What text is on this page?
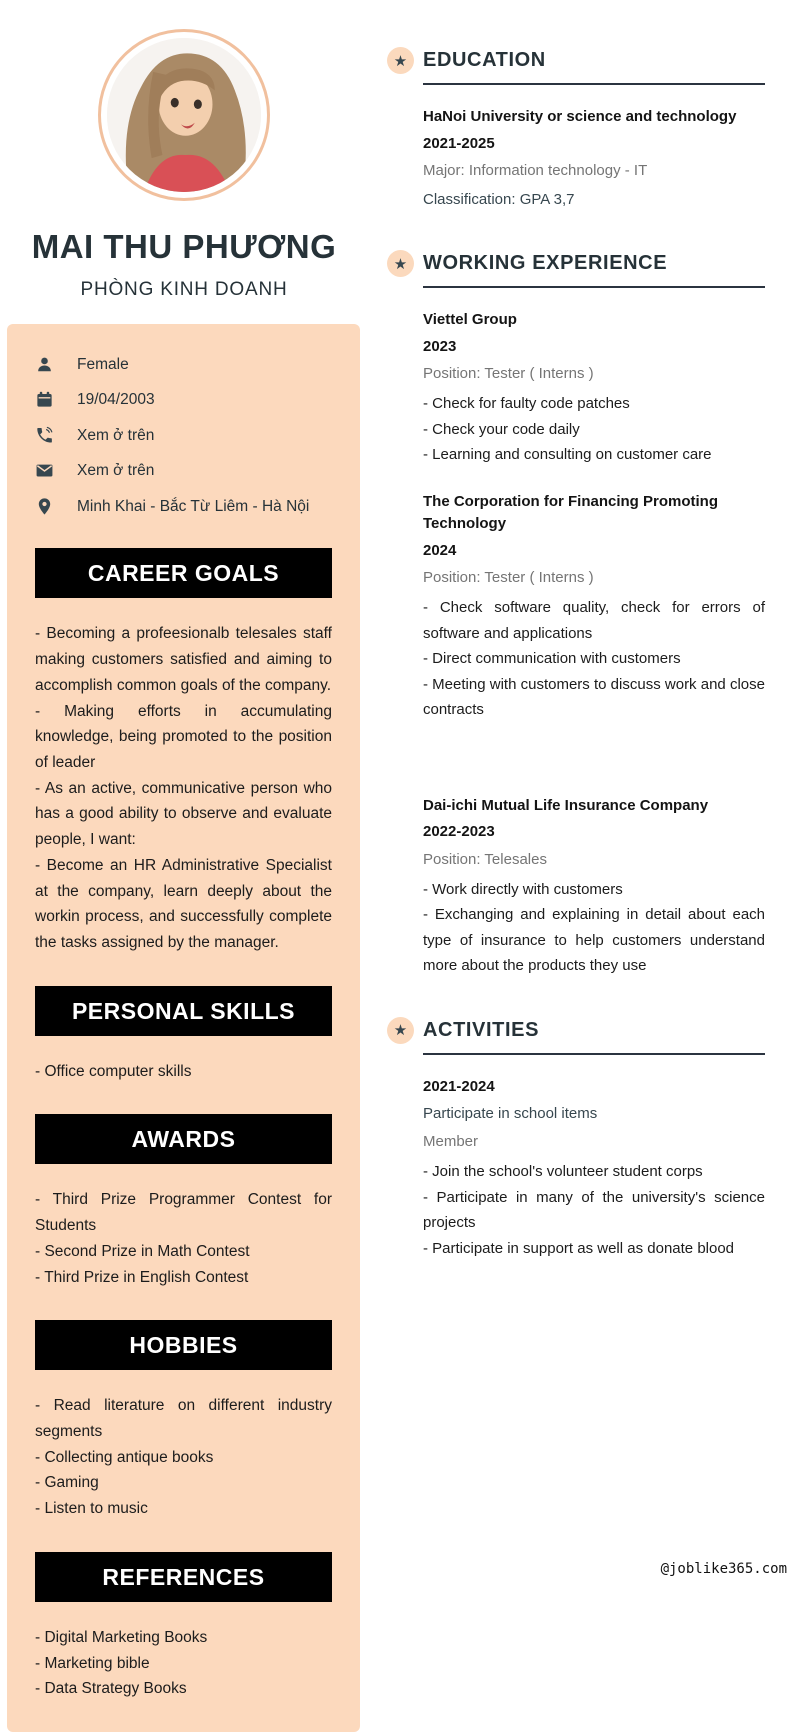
MAI THU PHƯƠNG
PHÒNG KINH DOANH
Female
19/04/2003
Xem ở trên
Xem ở trên
Minh Khai - Bắc Từ Liêm - Hà Nội
CAREER GOALS

- Becoming a profeesionalb telesales staff making customers satisfied and aiming to accomplish common goals of the company.

- Making efforts in accumulating knowledge, being promoted to the position of leader

- As an active, communicative person who has a good ability to observe and evaluate people, I want:

- Become an HR Administrative Specialist at the company, learn deeply about the workin process, and successfully complete the tasks assigned by the manager.

PERSONAL SKILLS

- Office computer skills

AWARDS

- Third Prize Programmer Contest for Students

- Second Prize in Math Contest

- Third Prize in English Contest

HOBBIES

- Read literature on different industry segments

- Collecting antique books

- Gaming

- Listen to music

REFERENCES

- Digital Marketing Books

- Marketing bible

- Data Strategy Books

★ EDUCATION
HaNoi University or science and technology
2021-2025
Major: Information technology - IT
Classification: GPA 3,7
★ WORKING EXPERIENCE
Viettel Group
2023
Position: Tester ( Interns )
- Check for faulty code patches
- Check your code daily
- Learning and consulting on customer care
The Corporation for Financing Promoting Technology
2024
Position: Tester ( Interns )
- Check software quality, check for errors of software and applications
- Direct communication with customers
- Meeting with customers to discuss work and close contracts
Dai-ichi Mutual Life Insurance Company
2022-2023
Position: Telesales
- Work directly with customers
- Exchanging and explaining in detail about each type of insurance to help customers understand more about the products they use
★ ACTIVITIES
2021-2024
Participate in school items
Member
- Join the school's volunteer student corps
- Participate in many of the university's science projects
- Participate in support as well as donate blood
@joblike365.com
